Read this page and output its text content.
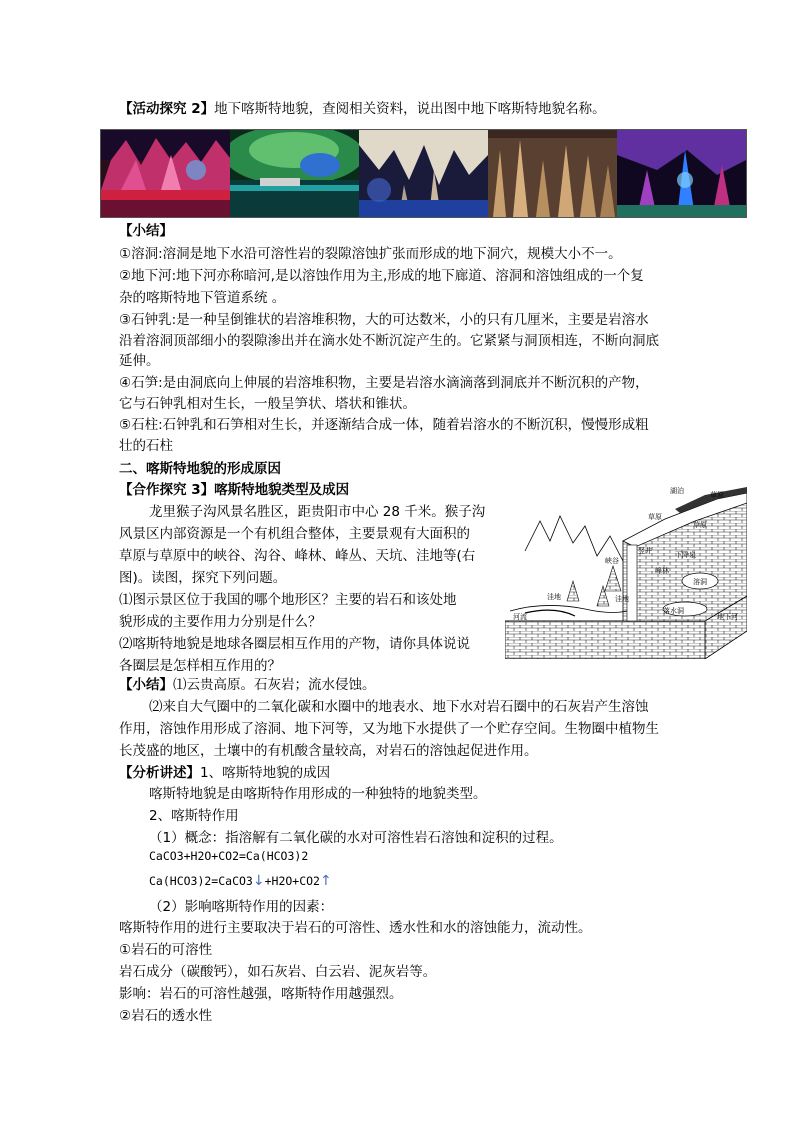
【活动探究 2】地下喀斯特地貌，查阅相关资料，说出图中地下喀斯特地貌名称。
【小结】
①溶洞:溶洞是地下水沿可溶性岩的裂隙溶蚀扩张而形成的地下洞穴，规模大小不一。
②地下河:地下河亦称暗河,是以溶蚀作用为主,形成的地下廊道、溶洞和溶蚀组成的一个复
杂的喀斯特地下管道系统 。
③石钟乳:是一种呈倒锥状的岩溶堆积物，大的可达数米，小的只有几厘米，主要是岩溶水
沿着溶洞顶部细小的裂隙渗出并在滴水处不断沉淀产生的。它紧紧与洞顶相连，不断向洞底
延伸。
④石笋:是由洞底向上伸展的岩溶堆积物，主要是岩溶水滴滴落到洞底并不断沉积的产物，
它与石钟乳相对生长，一般呈笋状、塔状和锥状。
⑤石柱:石钟乳和石笋相对生长，并逐渐结合成一体，随着岩溶水的不断沉积，慢慢形成粗
壮的石柱
二、喀斯特地貌的形成原因
【合作探究 3】喀斯特地貌类型及成因
龙里猴子沟风景名胜区，距贵阳市中心 28 千米。猴子沟
风景区内部资源是一个有机组合整体，主要景观有大面积的
草原与草原中的峡谷、沟谷、峰林、峰丛、天坑、洼地等(右
图)。读图，探究下列问题。
⑴图示景区位于我国的哪个地形区？主要的岩石和该处地
貌形成的主要作用力分别是什么？
⑵喀斯特地貌是地球各圈层相互作用的产物，请你具体说说
各圈层是怎样相互作用的？
湖泊	草原
草原
草原
竖井	下降泉
峰林
溶洞
峡谷
洼地
河流
洼地
落水洞
地下河
【小结】⑴云贵高原。石灰岩；流水侵蚀。
⑵来自大气圈中的二氧化碳和水圈中的地表水、地下水对岩石圈中的石灰岩产生溶蚀
作用，溶蚀作用形成了溶洞、地下河等，又为地下水提供了一个贮存空间。生物圈中植物生
长茂盛的地区，土壤中的有机酸含量较高，对岩石的溶蚀起促进作用。
【分析讲述】1、喀斯特地貌的成因
喀斯特地貌是由喀斯特作用形成的一种独特的地貌类型。
2、喀斯特作用
（1）概念：指溶解有二氧化碳的水对可溶性岩石溶蚀和淀积的过程。
CaCO3+H2O+CO2=Ca(HCO3)2
Ca(HCO3)2=CaCO3↓+H2O+CO2↑
（2）影响喀斯特作用的因素：
喀斯特作用的进行主要取决于岩石的可溶性、透水性和水的溶蚀能力，流动性。
①岩石的可溶性
岩石成分（碳酸钙），如石灰岩、白云岩、泥灰岩等。
影响：岩石的可溶性越强，喀斯特作用越强烈。
②岩石的透水性
